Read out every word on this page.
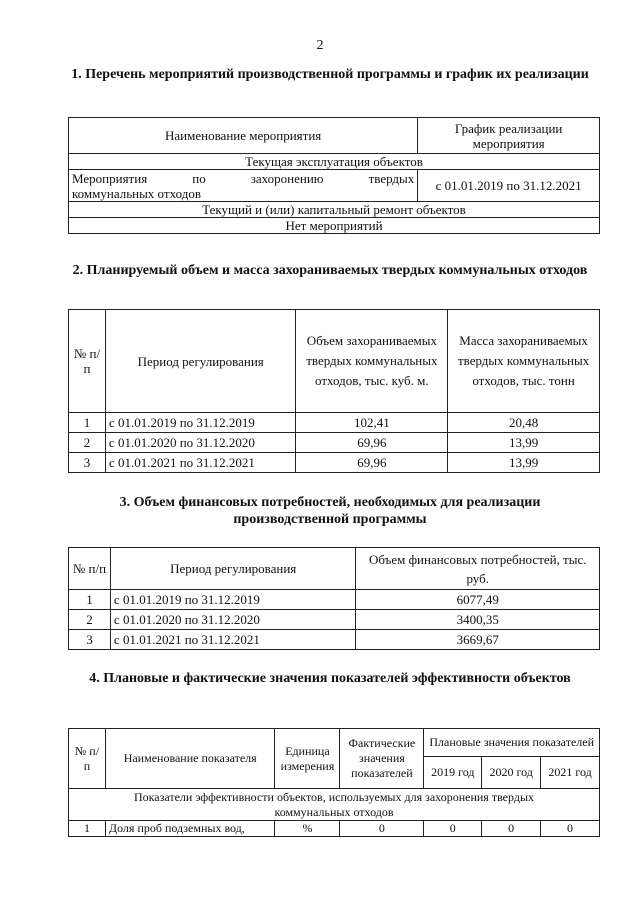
2
1. Перечень мероприятий производственной программы и график их реализации
Наименование мероприятия	График реализации мероприятия
Текущая эксплуатация объектов	

Мероприятия по захоронению твердых
коммунальных отходов	с 01.01.2019 по 31.12.2021
Текущий и (или) капитальный ремонт объектов	
Нет мероприятий	
2. Планируемый объем и масса захораниваемых твердых коммунальных отходов
№ п/п	Период регулирования	Объем захораниваемых твердых коммунальных отходов, тыс. куб. м.	Масса захораниваемых твердых коммунальных отходов, тыс. тонн
1	с 01.01.2019 по 31.12.2019	102,41	20,48
2	с 01.01.2020 по 31.12.2020	69,96	13,99
3	с 01.01.2021 по 31.12.2021	69,96	13,99
3. Объем финансовых потребностей, необходимых для реализации производственной программы
№ п/п	Период регулирования	Объем финансовых потребностей, тыс. руб.
1	с 01.01.2019 по 31.12.2019	6077,49
2	с 01.01.2020 по 31.12.2020	3400,35
3	с 01.01.2021 по 31.12.2021	3669,67
4. Плановые и фактические значения показателей эффективности объектов
№ п/п	Наименование показателя	Единица измерения	Фактические значения показателей	Плановые значения показателей		
				2019 год	2020 год	2021 год
Показатели эффективности объектов, используемых для захоронения твердых коммунальных отходов						
1	Доля проб подземных вод,	%	0	0	0	0
